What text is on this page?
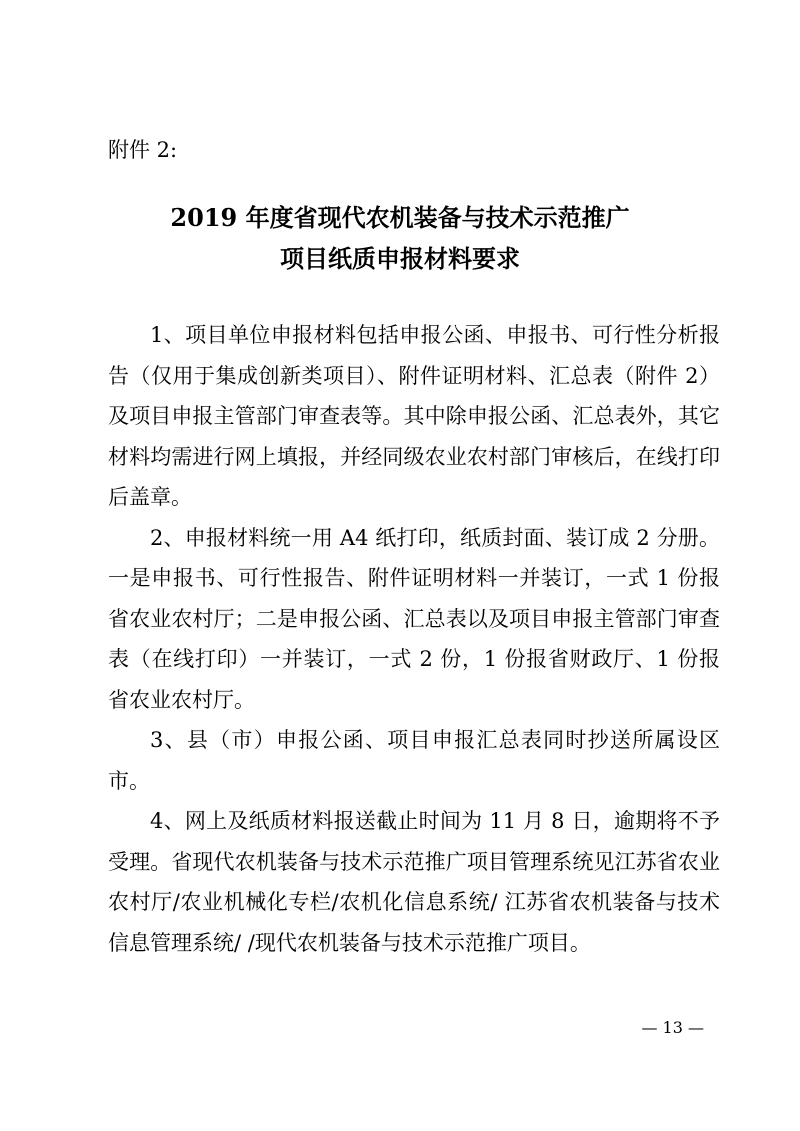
附件 2:
2019 年度省现代农机装备与技术示范推广
项目纸质申报材料要求

1、项目单位申报材料包括申报公函、申报书、可行性分析报告（仅用于集成创新类项目）、附件证明材料、汇总表（附件 2）及项目申报主管部门审查表等。其中除申报公函、汇总表外，其它材料均需进行网上填报，并经同级农业农村部门审核后，在线打印后盖章。

2、申报材料统一用 A4 纸打印，纸质封面、装订成 2 分册。一是申报书、可行性报告、附件证明材料一并装订，一式 1 份报省农业农村厅；二是申报公函、汇总表以及项目申报主管部门审查表（在线打印）一并装订，一式 2 份，1 份报省财政厅、1 份报省农业农村厅。

3、县（市）申报公函、项目申报汇总表同时抄送所属设区市。

4、网上及纸质材料报送截止时间为 11 月 8 日，逾期将不予受理。省现代农机装备与技术示范推广项目管理系统见江苏省农业农村厅/农业机械化专栏/农机化信息系统/ 江苏省农机装备与技术信息管理系统/ /现代农机装备与技术示范推广项目。

— 13 —
